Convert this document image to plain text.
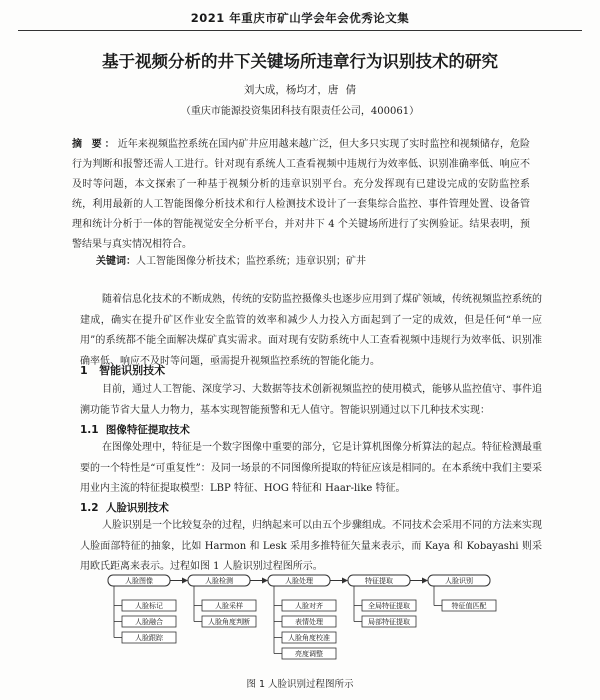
2021 年重庆市矿山学会年会优秀论文集
基于视频分析的井下关键场所违章行为识别技术的研究
刘大成，杨均才，唐 倩
（重庆市能源投资集团科技有限责任公司，400061）
摘 要：近年来视频监控系统在国内矿井应用越来越广泛，但大多只实现了实时监控和视频储存，危险行为判断和报警还需人工进行。针对现有系统人工查看视频中违规行为效率低、识别准确率低、响应不及时等问题，本文探索了一种基于视频分析的违章识别平台。充分发挥现有已建设完成的安防监控系统，利用最新的人工智能图像分析技术和行人检测技术设计了一套集综合监控、事件管理处置、设备管理和统计分析于一体的智能视觉安全分析平台，并对井下 4 个关键场所进行了实例验证。结果表明，预警结果与真实情况相符合。
关键词：人工智能图像分析技术；监控系统；违章识别；矿井
随着信息化技术的不断成熟，传统的安防监控摄像头也逐步应用到了煤矿领域，传统视频监控系统的建成，确实在提升矿区作业安全监管的效率和减少人力投入方面起到了一定的成效，但是任何“单一应用”的系统都不能全面解决煤矿真实需求。面对现有安防系统中人工查看视频中违规行为效率低、识别准确率低、响应不及时等问题，亟需提升视频监控系统的智能化能力。
1 智能识别技术
目前，通过人工智能、深度学习、大数据等技术创新视频监控的使用模式，能够从监控值守、事件追溯功能节省大量人力物力，基本实现智能预警和无人值守。智能识别通过以下几种技术实现：
1.1 图像特征提取技术
在图像处理中，特征是一个数字图像中重要的部分，它是计算机图像分析算法的起点。特征检测最重要的一个特性是“可重复性”：及同一场景的不同图像所提取的特征应该是相同的。在本系统中我们主要采用业内主流的特征提取模型：LBP 特征、HOG 特征和 Haar-like 特征。
1.2 人脸识别技术
人脸识别是一个比较复杂的过程，归纳起来可以由五个步骤组成。不同技术会采用不同的方法来实现人脸面部特征的抽象，比如 Harmon 和 Lesk 采用多推特征矢量来表示，而 Kaya 和 Kobayashi 则采用欧氏距离来表示。过程如图 1 人脸识别过程图所示。
人脸图像
人脸标记
人脸融合
人脸跟踪
人脸检测
人脸采样
人脸角度判断
人脸处理
人脸对齐
表情处理
人脸角度校准
亮度调整
特征提取
全局特征提取
局部特征提取
人脸识别
特征值匹配
图 1 人脸识别过程图所示
